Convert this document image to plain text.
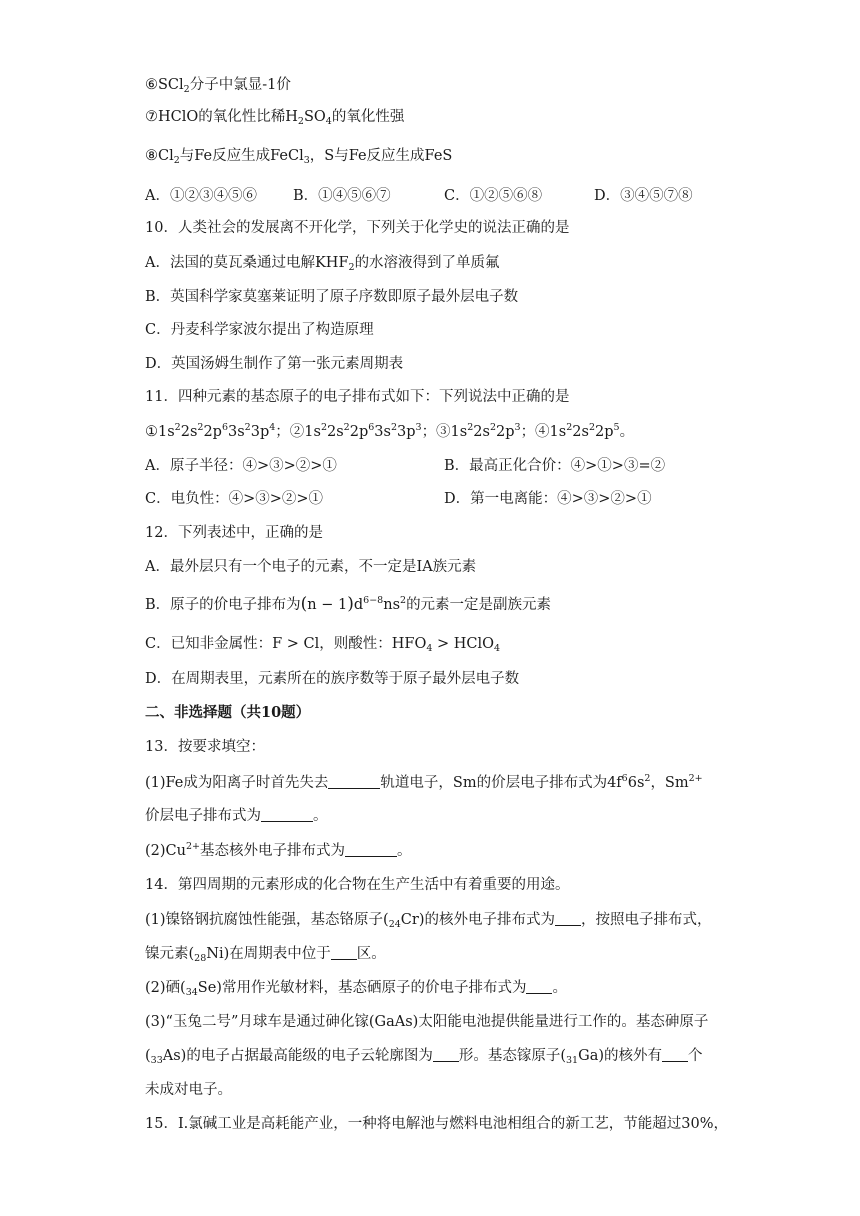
⑥SCl$_2$分子中氯显-1价
⑦HClO的氧化性比稀$H_2SO_4$的氧化性强
$⑧Cl_2$与Fe反应生成FeCl$_3$，S与Fe反应生成FeS
A．①②③④⑤⑥ B．①④⑤⑥⑦	C．①②⑤⑥⑧	D．③④⑤⑦⑧
10．人类社会的发展离不开化学，下列关于化学史的说法正确的是
A．法国的莫瓦桑通过电解$KHF_2$的水溶液得到了单质氟
B．英国科学家莫塞莱证明了原子序数即原子最外层电子数
C．丹麦科学家波尔提出了构造原理
D．英国汤姆生制作了第一张元素周期表
11．四种元素的基态原子的电子排布式如下：下列说法中正确的是
$①1s^22s^22p^63s^23p^4$；$②1s^22s^22p^63s^23p^3$；$③1s^22s^22p^3$；$④1s^22s^22p^5$。
A．原子半径：④>③>②>①	B．最高正化合价：④>①>③=②
C．电负性：④>③>②>①	D．第一电离能：④>③>②>①
12．下列表述中，正确的是
A．最外层只有一个电子的元素，不一定是IA族元素
B．原子的价电子排布为$(n - 1)d^{6-8}ns^2$的元素一定是副族元素
C．已知非金属性：F > Cl，则酸性：$HFO_4$ > HClO$_4$
D．在周期表里，元素所在的族序数等于原子最外层电子数
二、非选择题（共10题）
13．按要求填空：
(1)Fe成为阳离子时首先失去	轨道电子，Sm的价层电子排布式为$4f^66s^2$，$Sm^{2+}$
价层电子排布式为	。
$(2)Cu^{2+}$基态核外电子排布式为	。
14．第四周期的元素形成的化合物在生产生活中有着重要的用途。
(1)镍铬钢抗腐蚀性能强，基态铬原子$(_{24}Cr)$的核外电子排布式为 ，按照电子排布式，
镍元素$(_{28}Ni)$在周期表中位于 区。
(2)硒$(_{34}Se)$常用作光敏材料，基态硒原子的价电子排布式为 。
(3)“玉兔二号”月球车是通过砷化镓(GaAs)太阳能电池提供能量进行工作的。基态砷原子
$(_{33}As)$的电子占据最高能级的电子云轮廓图为 形。基态镓原子$(_{31}Ga)$的核外有 个
未成对电子。
15．I.氯碱工业是高耗能产业，一种将电解池与燃料电池相组合的新工艺，节能超过30%，
